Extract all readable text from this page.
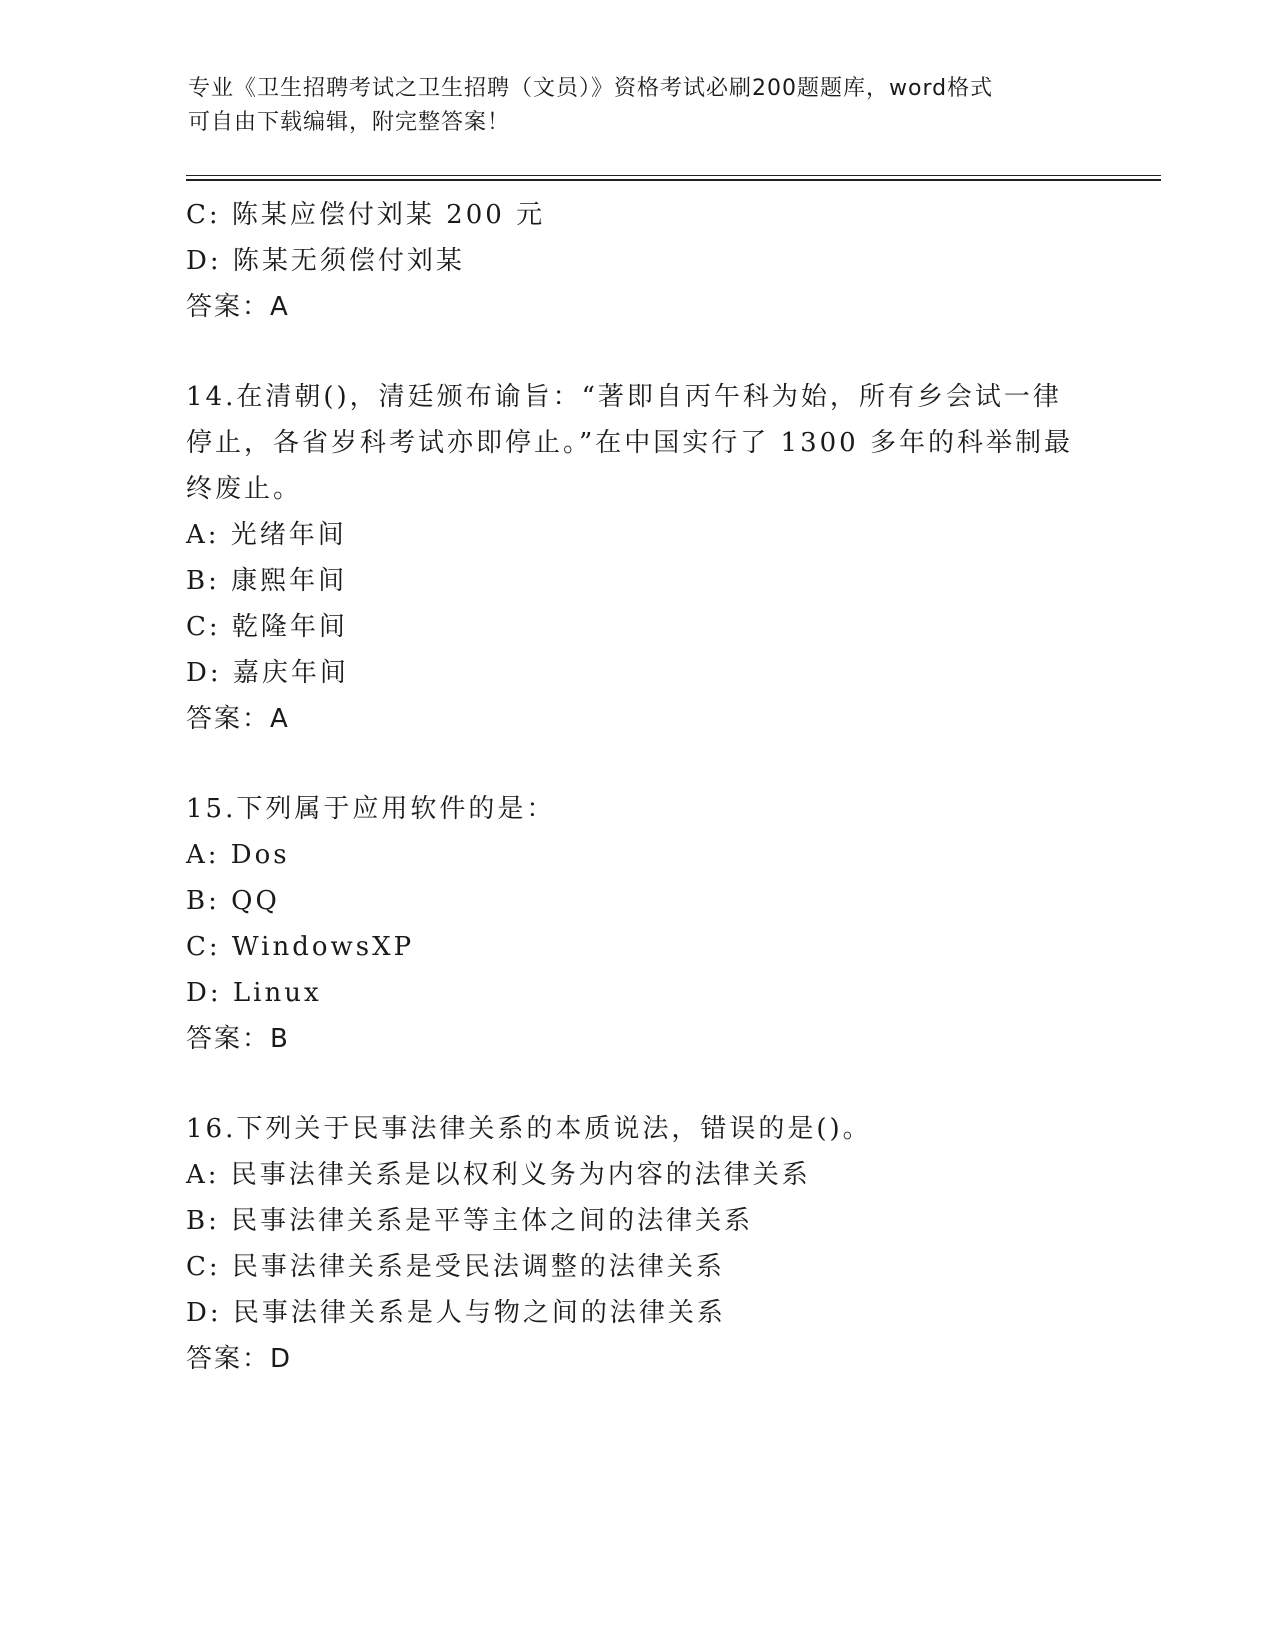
专业《卫生招聘考试之卫生招聘（文员）》资格考试必刷200题题库，word格式
可自由下载编辑，附完整答案！
C: 陈某应偿付刘某 200 元
D: 陈某无须偿付刘某
答案：A
14.在清朝()，清廷颁布谕旨：“著即自丙午科为始，所有乡会试一律
停止，各省岁科考试亦即停止。”在中国实行了 1300 多年的科举制最
终废止。
A: 光绪年间
B: 康熙年间
C: 乾隆年间
D: 嘉庆年间
答案：A
15.下列属于应用软件的是：
A: Dos
B: QQ
C: WindowsXP
D: Linux
答案：B
16.下列关于民事法律关系的本质说法，错误的是()。
A: 民事法律关系是以权利义务为内容的法律关系
B: 民事法律关系是平等主体之间的法律关系
C: 民事法律关系是受民法调整的法律关系
D: 民事法律关系是人与物之间的法律关系
答案：D
